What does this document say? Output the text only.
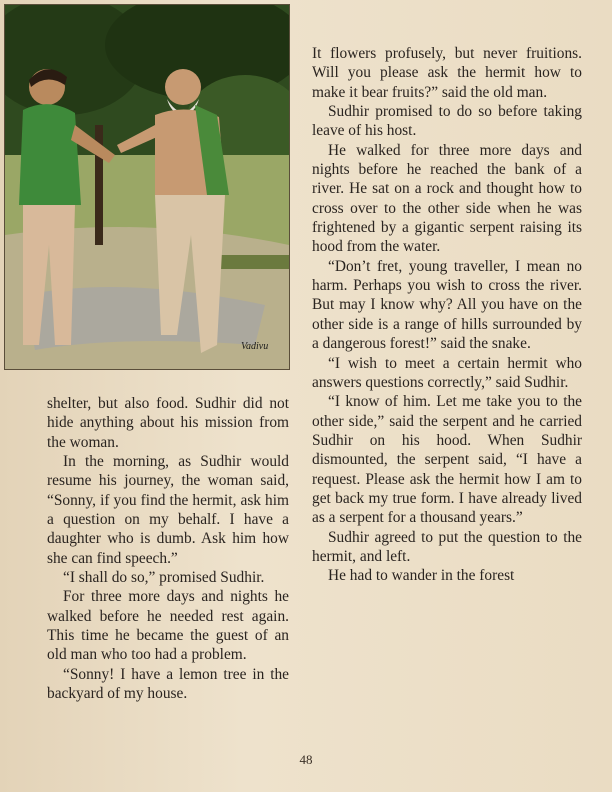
Vadivu

shelter, but also food. Sudhir did not hide anything about his mission from the woman.

In the morning, as Sudhir would resume his journey, the woman said, “Sonny, if you find the hermit, ask him a question on my behalf. I have a daughter who is dumb. Ask him how she can find speech.”

“I shall do so,” promised Sudhir.

For three more days and nights he walked before he needed rest again. This time he became the guest of an old man who too had a problem.

“Sonny! I have a lemon tree in the backyard of my house.

It flowers profusely, but never fruitions. Will you please ask the hermit how to make it bear fruits?” said the old man.

Sudhir promised to do so before taking leave of his host.

He walked for three more days and nights before he reached the bank of a river. He sat on a rock and thought how to cross over to the other side when he was frightened by a gigantic serpent raising its hood from the water.

“Don’t fret, young traveller, I mean no harm. Perhaps you wish to cross the river. But may I know why? All you have on the other side is a range of hills surrounded by a dangerous forest!” said the snake.

“I wish to meet a certain hermit who answers questions correctly,” said Sudhir.

“I know of him. Let me take you to the other side,” said the serpent and he carried Sudhir on his hood. When Sudhir dismounted, the serpent said, “I have a request. Please ask the hermit how I am to get back my true form. I have already lived as a serpent for a thousand years.”

Sudhir agreed to put the question to the hermit, and left.

He had to wander in the forest

48
